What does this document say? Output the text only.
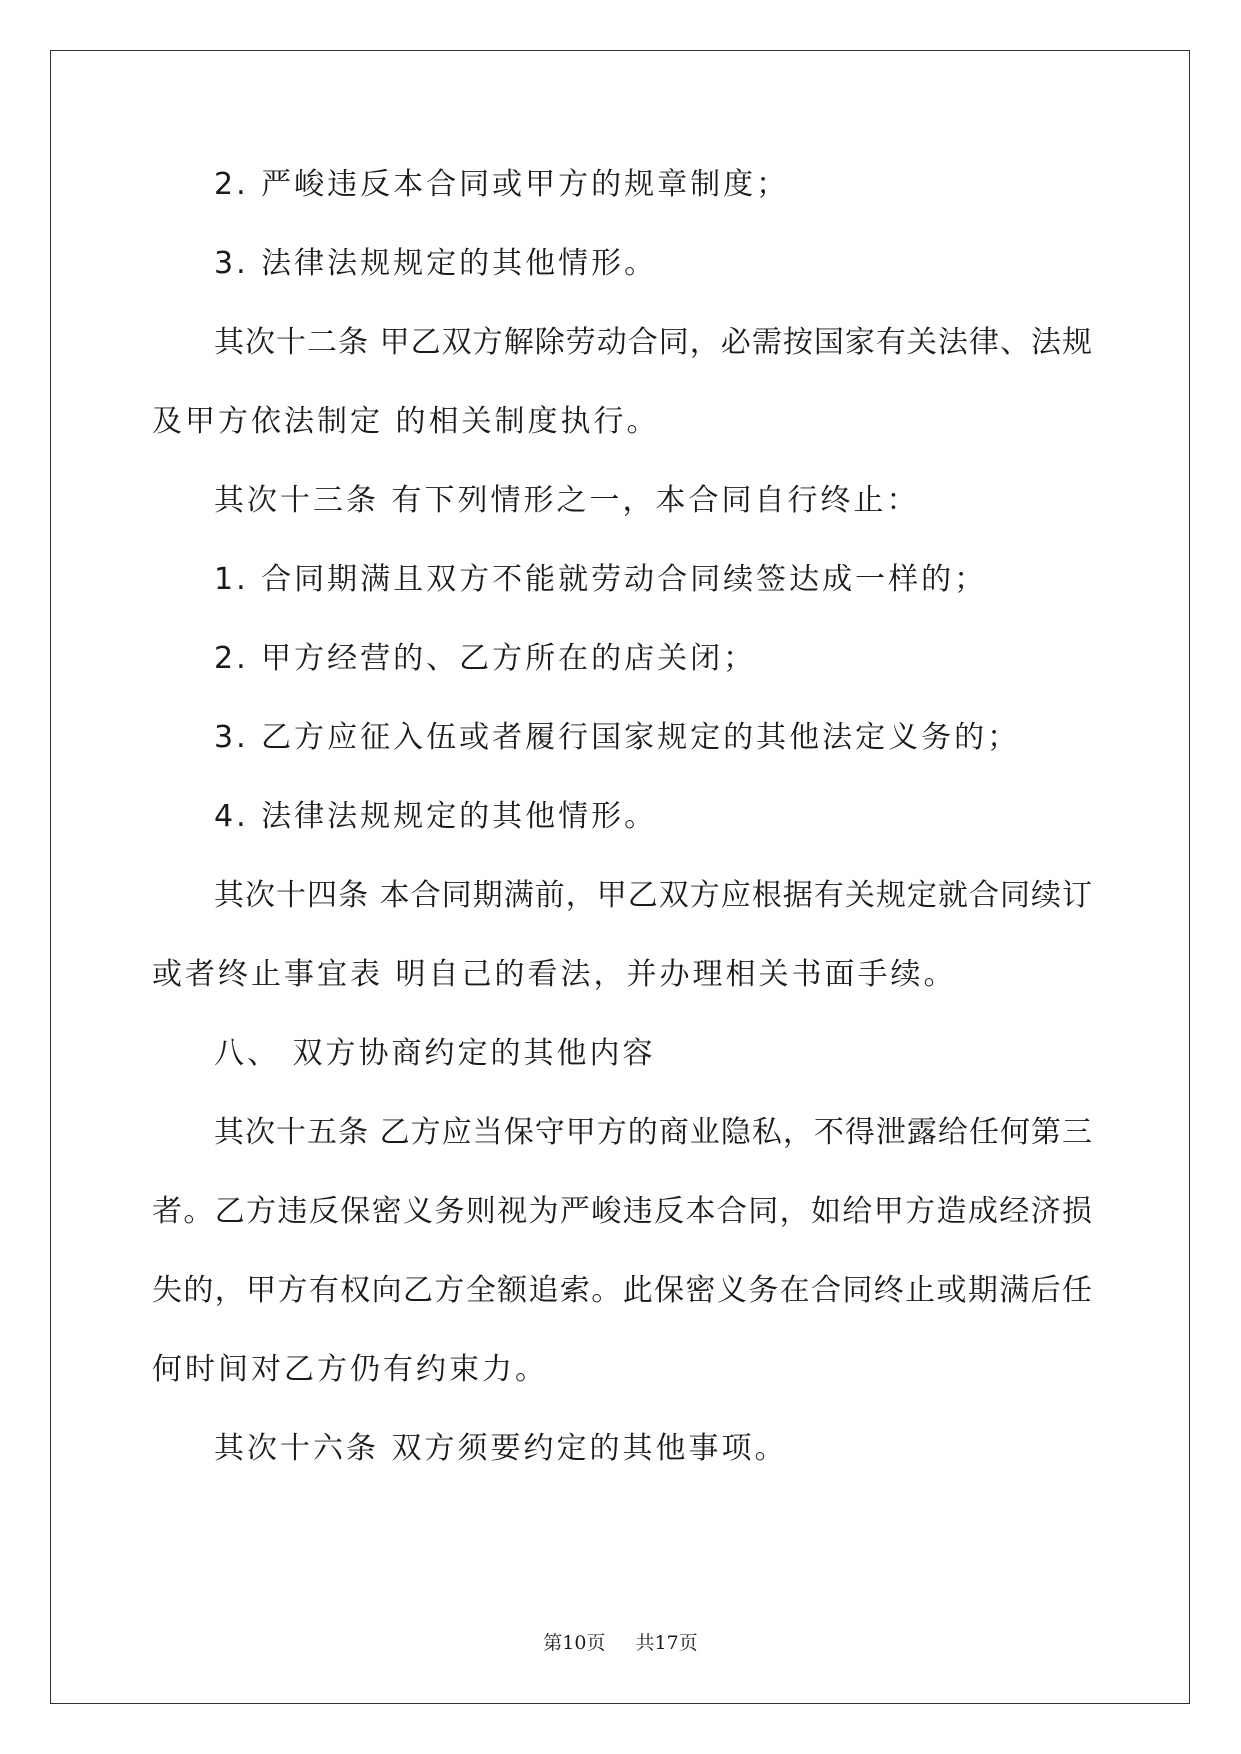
2. 严峻违反本合同或甲方的规章制度；

3. 法律法规规定的其他情形。

其次十二条 甲乙双方解除劳动合同，必需按国家有关法律、法规

及甲方依法制定 的相关制度执行。

其次十三条 有下列情形之一，本合同自行终止：

1. 合同期满且双方不能就劳动合同续签达成一样的；

2. 甲方经营的、乙方所在的店关闭；

3. 乙方应征入伍或者履行国家规定的其他法定义务的；

4. 法律法规规定的其他情形。

其次十四条 本合同期满前，甲乙双方应根据有关规定就合同续订

或者终止事宜表 明自己的看法，并办理相关书面手续。

八、 双方协商约定的其他内容

其次十五条 乙方应当保守甲方的商业隐私，不得泄露给任何第三

者。乙方违反保密义务则视为严峻违反本合同，如给甲方造成经济损

失的，甲方有权向乙方全额追索。此保密义务在合同终止或期满后任

何时间对乙方仍有约束力。

其次十六条 双方须要约定的其他事项。

第10页 共17页
